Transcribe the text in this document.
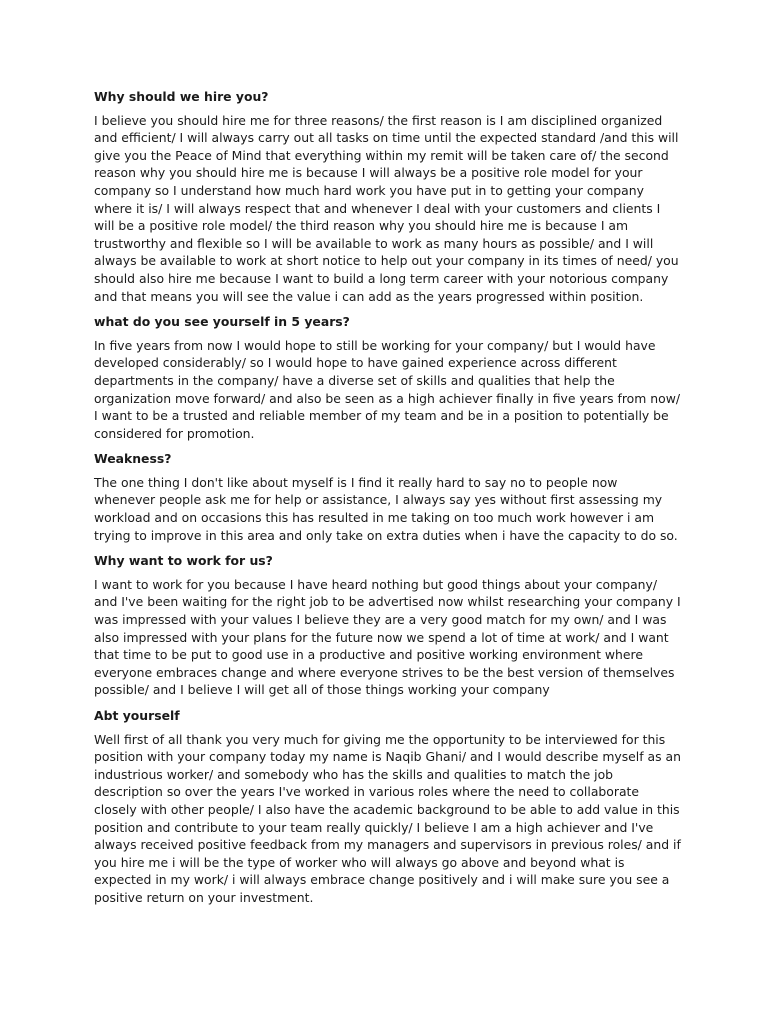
Why should we hire you?

I believe you should hire me for three reasons/ the first reason is I am disciplined organized and efficient/ I will always carry out all tasks on time until the expected standard /and this will give you the Peace of Mind that everything within my remit will be taken care of/ the second reason why you should hire me is because I will always be a positive role model for your company so I understand how much hard work you have put in to getting your company where it is/ I will always respect that and whenever I deal with your customers and clients I will be a positive role model/ the third reason why you should hire me is because I am trustworthy and flexible so I will be available to work as many hours as possible/ and I will always be available to work at short notice to help out your company in its times of need/ you should also hire me because I want to build a long term career with your notorious company and that means you will see the value i can add as the years progressed within position.

what do you see yourself in 5 years?

In five years from now I would hope to still be working for your company/ but I would have developed considerably/ so I would hope to have gained experience across different departments in the company/ have a diverse set of skills and qualities that help the organization move forward/ and also be seen as a high achiever finally in five years from now/ I want to be a trusted and reliable member of my team and be in a position to potentially be considered for promotion.

Weakness?

The one thing I don't like about myself is I find it really hard to say no to people now whenever people ask me for help or assistance, I always say yes without first assessing my workload and on occasions this has resulted in me taking on too much work however i am trying to improve in this area and only take on extra duties when i have the capacity to do so.

Why want to work for us?

I want to work for you because I have heard nothing but good things about your company/ and I've been waiting for the right job to be advertised now whilst researching your company I was impressed with your values I believe they are a very good match for my own/ and I was also impressed with your plans for the future now we spend a lot of time at work/ and I want that time to be put to good use in a productive and positive working environment where everyone embraces change and where everyone strives to be the best version of themselves possible/ and I believe I will get all of those things working your company

Abt yourself

Well first of all thank you very much for giving me the opportunity to be interviewed for this position with your company today my name is Naqib Ghani/ and I would describe myself as an industrious worker/ and somebody who has the skills and qualities to match the job description so over the years I've worked in various roles where the need to collaborate closely with other people/ I also have the academic background to be able to add value in this position and contribute to your team really quickly/ I believe I am a high achiever and I've always received positive feedback from my managers and supervisors in previous roles/ and if you hire me i will be the type of worker who will always go above and beyond what is expected in my work/ i will always embrace change positively and i will make sure you see a positive return on your investment.
